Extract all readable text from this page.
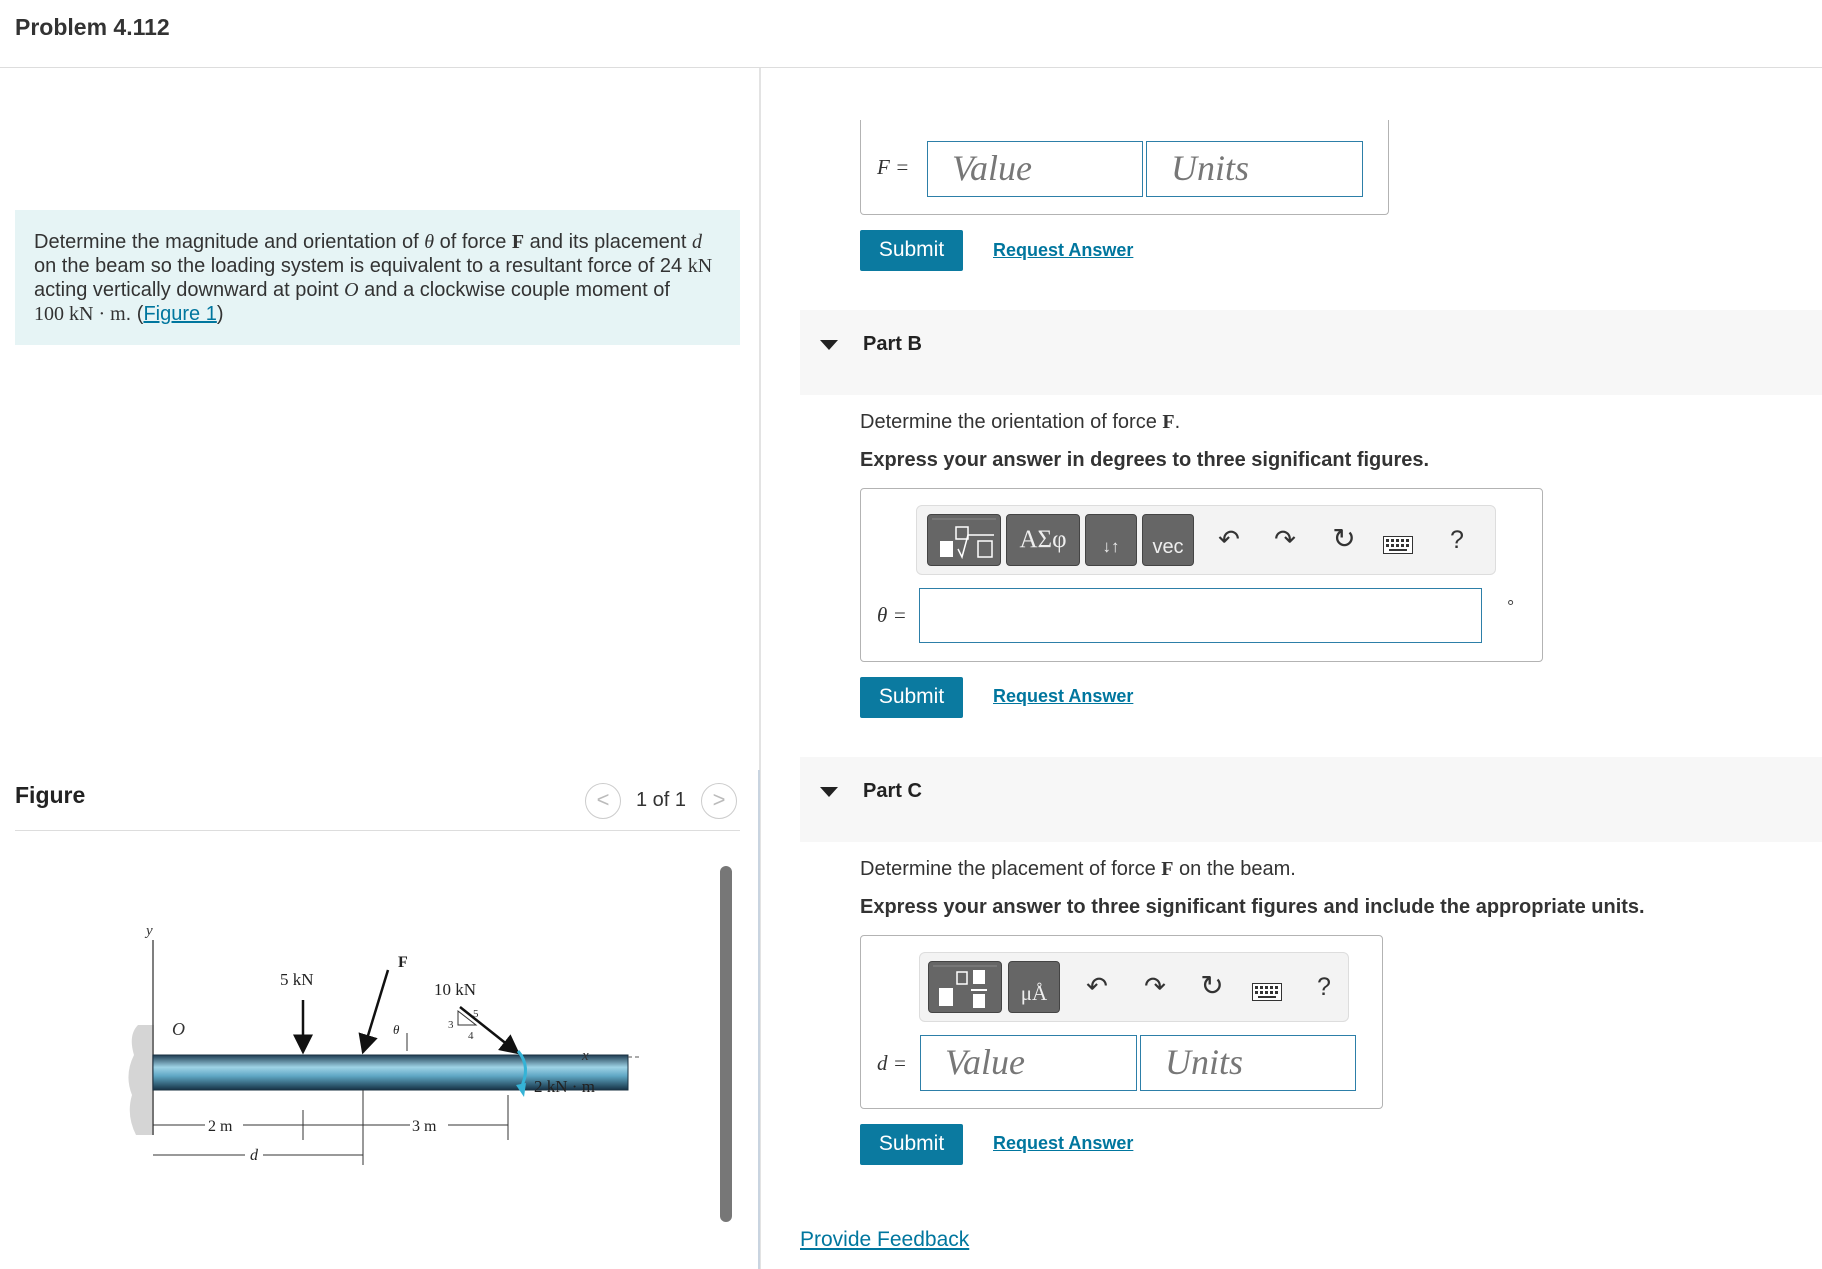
Problem 4.112
Determine the magnitude and orientation of θ of force F and its placement d on the beam so the loading system is equivalent to a resultant force of 24 kN acting vertically downward at point O and a clockwise couple moment of
100 kN · m. (Figure 1)
Figure	<	1 of 1	>
y
O
x
5 kN
F
θ
10 kN
3
4
5
2 kN · m
2 m	3 m
d
F =	Value	Units
Submit	Request Answer
Part B
Determine the orientation of force F.
Express your answer in degrees to three significant figures.
ΑΣφ	↓↑	vec	↶ ↷ ↻	?
θ =	°
Submit	Request Answer
Part C
Determine the placement of force F on the beam.
Express your answer to three significant figures and include the appropriate units.
μÅ	↶ ↷ ↻	?
d =	Value	Units
Submit	Request Answer
Provide Feedback
